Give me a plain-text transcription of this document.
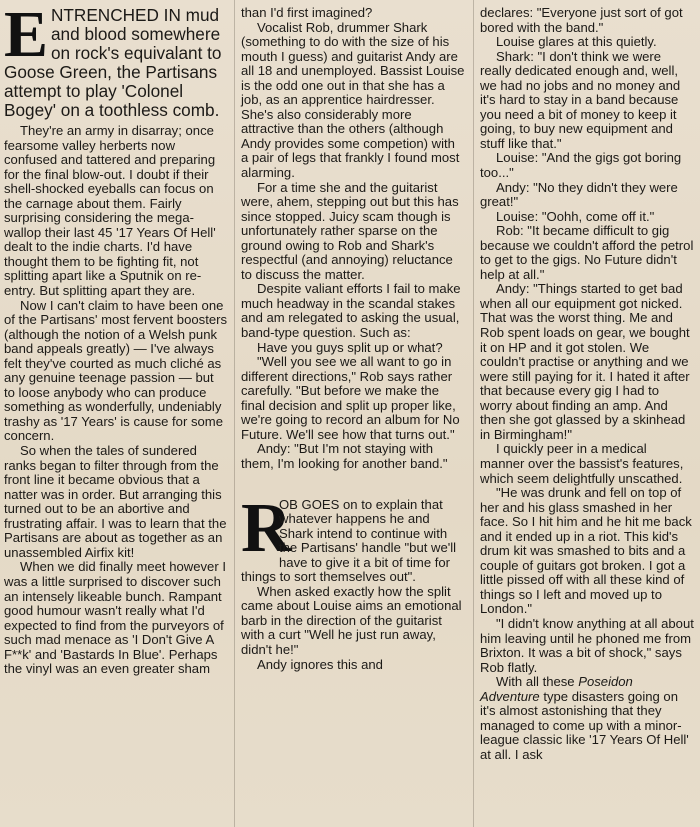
E NTRENCHED IN mud and blood somewhere on rock's equivalant to Goose Green, the Partisans attempt to play 'Colonel Bogey' on a toothless comb.

They're an army in disarray; once fearsome valley herberts now confused and tattered and preparing for the final blow-out. I doubt if their shell-shocked eyeballs can focus on the carnage about them. Fairly surprising considering the mega-wallop their last 45 '17 Years Of Hell' dealt to the indie charts. I'd have thought them to be fighting fit, not splitting apart like a Sputnik on re-entry. But splitting apart they are.

Now I can't claim to have been one of the Partisans' most fervent boosters (although the notion of a Welsh punk band appeals greatly) — I've always felt they've courted as much cliché as any genuine teenage passion — but to loose anybody who can produce something as wonderfully, undeniably trashy as '17 Years' is cause for some concern.

So when the tales of sundered ranks began to filter through from the front line it became obvious that a natter was in order. But arranging this turned out to be an abortive and frustrating affair. I was to learn that the Partisans are about as together as an unassembled Airfix kit!

When we did finally meet however I was a little surprised to discover such an intensely likeable bunch. Rampant good humour wasn't really what I'd expected to find from the purveyors of such mad menace as 'I Don't Give A F**k' and 'Bastards In Blue'. Perhaps the vinyl was an even greater sham

than I'd first imagined?

Vocalist Rob, drummer Shark (something to do with the size of his mouth I guess) and guitarist Andy are all 18 and unemployed. Bassist Louise is the odd one out in that she has a job, as an apprentice hairdresser. She's also considerably more attractive than the others (although Andy provides some competion) with a pair of legs that frankly I found most alarming.

For a time she and the guitarist were, ahem, stepping out but this has since stopped. Juicy scam though is unfortunately rather sparse on the ground owing to Rob and Shark's respectful (and annoying) reluctance to discuss the matter.

Despite valiant efforts I fail to make much headway in the scandal stakes and am relegated to asking the usual, band-type question. Such as:

Have you guys split up or what?

"Well you see we all want to go in different directions," Rob says rather carefully. "But before we make the final decision and split up proper like, we're going to record an album for No Future. We'll see how that turns out."

Andy: "But I'm not staying with them, I'm looking for another band."

R

OB GOES on to explain that whatever happens he and Shark intend to continue with the Partisans' handle "but we'll have to give it a bit of time for things to sort themselves out".

When asked exactly how the split came about Louise aims an emotional barb in the direction of the guitarist with a curt "Well he just run away, didn't he!"

Andy ignores this and

declares: "Everyone just sort of got bored with the band."

Louise glares at this quietly.

Shark: "I don't think we were really dedicated enough and, well, we had no jobs and no money and it's hard to stay in a band because you need a bit of money to keep it going, to buy new equipment and stuff like that."

Louise: "And the gigs got boring too..."

Andy: "No they didn't they were great!"

Louise: "Oohh, come off it."

Rob: "It became difficult to gig because we couldn't afford the petrol to get to the gigs. No Future didn't help at all."

Andy: "Things started to get bad when all our equipment got nicked. That was the worst thing. Me and Rob spent loads on gear, we bought it on HP and it got stolen. We couldn't practise or anything and we were still paying for it. I hated it after that because every gig I had to worry about finding an amp. And then she got glassed by a skinhead in Birmingham!"

I quickly peer in a medical manner over the bassist's features, which seem delightfully unscathed.

"He was drunk and fell on top of her and his glass smashed in her face. So I hit him and he hit me back and it ended up in a riot. This kid's drum kit was smashed to bits and a couple of guitars got broken. I got a little pissed off with all these kind of things so I left and moved up to London."

"I didn't know anything at all about him leaving until he phoned me from Brixton. It was a bit of shock," says Rob flatly.

With all these Poseidon Adventure type disasters going on it's almost astonishing that they managed to come up with a minor-league classic like '17 Years Of Hell' at all. I ask
